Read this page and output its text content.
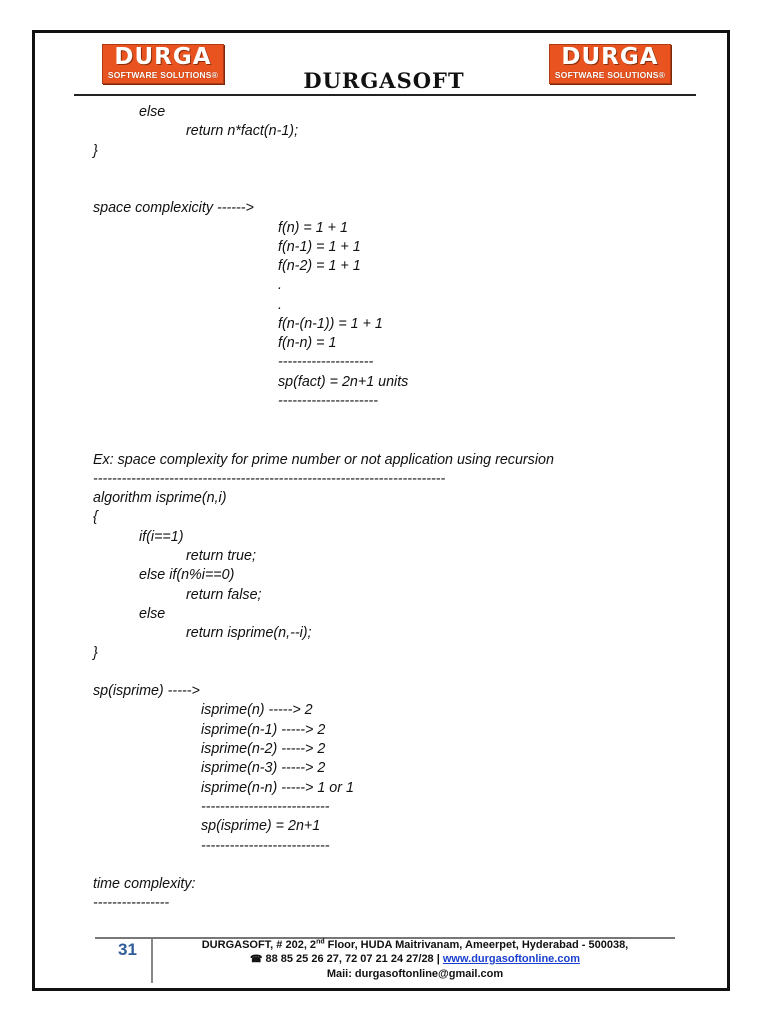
DURGA
SOFTWARE SOLUTIONS®
DURGA
SOFTWARE SOLUTIONS®
DURGASOFT
else
return n*fact(n-1);
}
space complexicity ------>
f(n) = 1 + 1
f(n-1) = 1 + 1
f(n-2) = 1 + 1
.
.
f(n-(n-1)) = 1 + 1
f(n-n) = 1
--------------------
sp(fact) = 2n+1 units
---------------------
Ex: space complexity for prime number or not application using recursion
--------------------------------------------------------------------------
algorithm isprime(n,i)
{
if(i==1)
return true;
else if(n%i==0)
return false;
else
return isprime(n,--i);
}
sp(isprime) ----->
isprime(n) -----> 2
isprime(n-1) -----> 2
isprime(n-2) -----> 2
isprime(n-3) -----> 2
isprime(n-n) -----> 1 or 1
---------------------------
sp(isprime) = 2n+1
---------------------------
time complexity:
----------------
31	DURGASOFT, # 202, 2nd Floor, HUDA Maitrivanam, Ameerpet, Hyderabad - 500038,
☎ 88 85 25 26 27, 72 07 21 24 27/28 | www.durgasoftonline.com
Maii: durgasoftonline@gmail.com
